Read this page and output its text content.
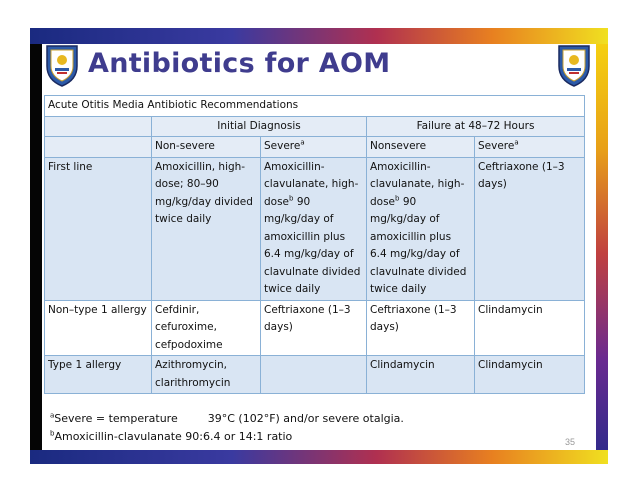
Antibiotics for AOM
Acute Otitis Media Antibiotic Recommendations				
	Initial Diagnosis		Failure at 48–72 Hours	
	Non-severe	Severe$^a$	Nonsevere	Severe$^a$
First line	Amoxicillin, high-dose; 80–90 mg/kg/day divided twice daily	Amoxicillin-clavulanate, high-dose$^b$ 90 mg/kg/day of amoxicillin plus 6.4 mg/kg/day of clavulnate divided twice daily	Amoxicillin-clavulanate, high-dose$^b$ 90 mg/kg/day of amoxicillin plus 6.4 mg/kg/day of clavulnate divided twice daily	Ceftriaxone (1–3 days)
Non–type 1 allergy	Cefdinir, cefuroxime, cefpodoxime	Ceftriaxone (1–3 days)	Ceftriaxone (1–3 days)	Clindamycin
Type 1 allergy	Azithromycin, clarithromycin		Clindamycin	Clindamycin
$^a$Severe = temperature	39°C (102°F) and/or severe otalgia.
$^b$Amoxicillin-clavulanate 90:6.4 or 14:1 ratio	35
